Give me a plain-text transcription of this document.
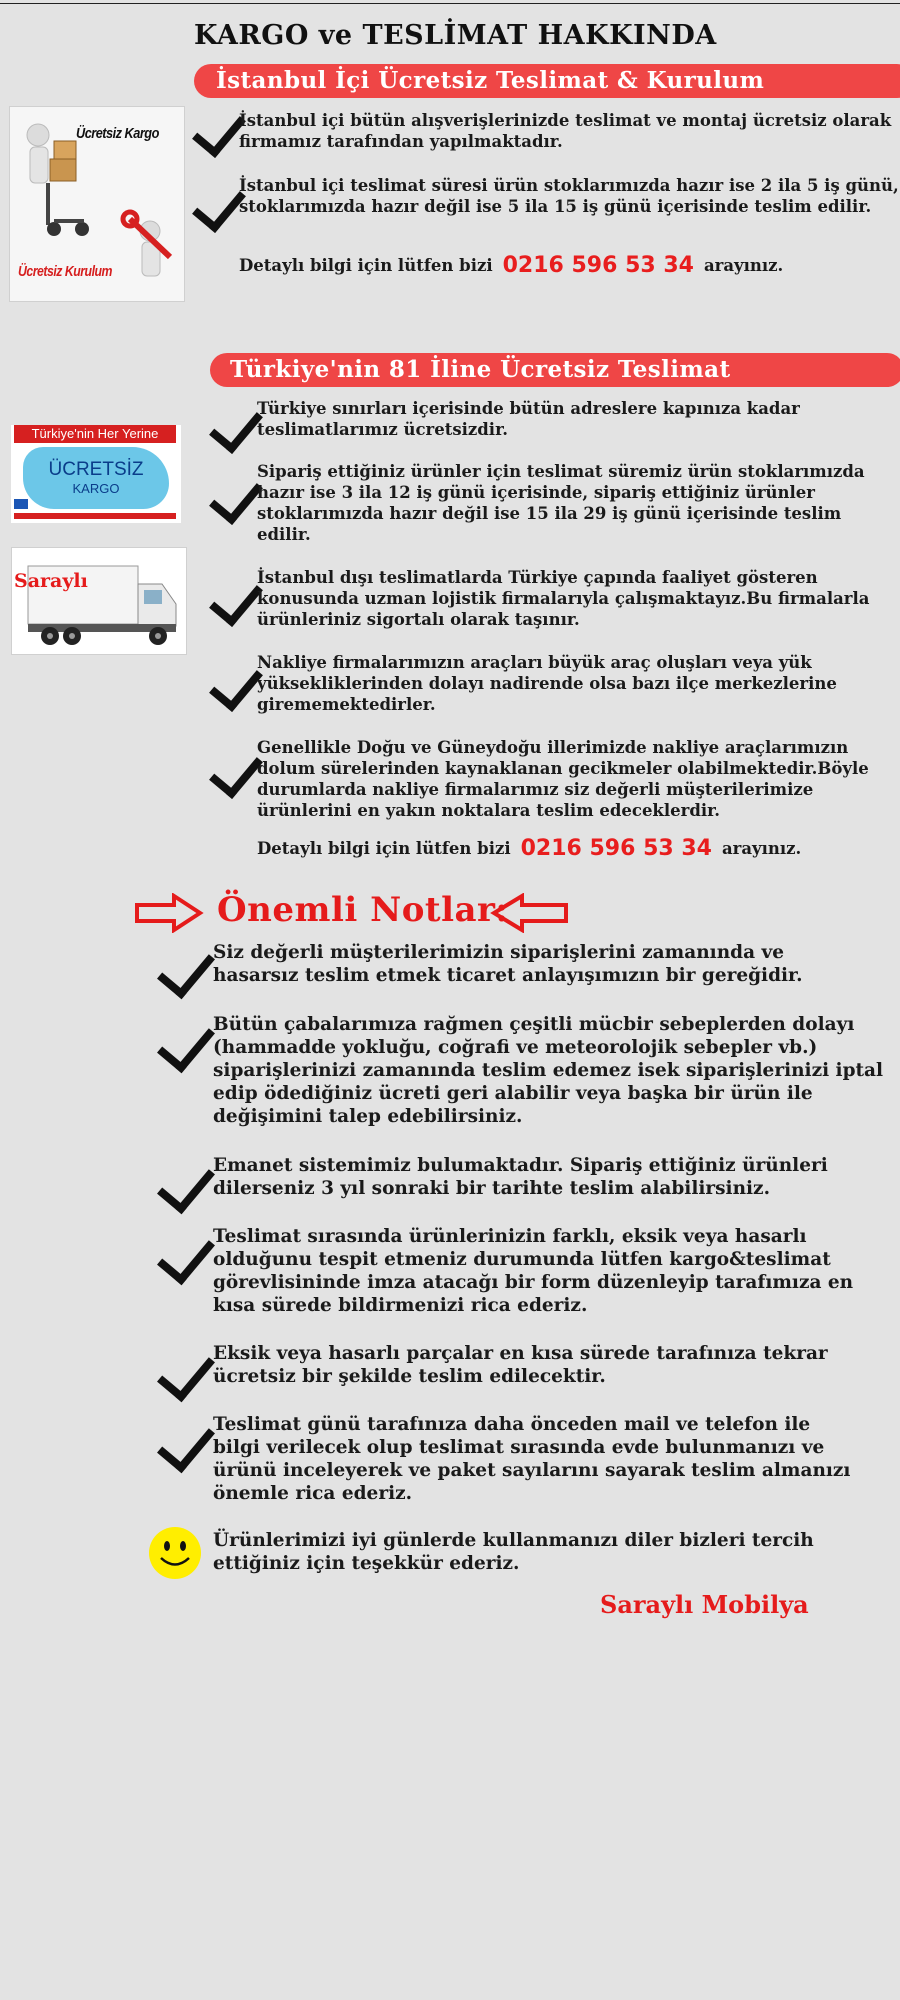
KARGO ve TESLİMAT HAKKINDA
İstanbul İçi Ücretsiz Teslimat & Kurulum
Ücretsiz Kargo
Ücretsiz Kurulum
İstanbul içi bütün alışverişlerinizde teslimat ve montaj ücretsiz olarak firmamız tarafından yapılmaktadır.
İstanbul içi teslimat süresi ürün stoklarımızda hazır ise 2 ila 5 iş günü, stoklarımızda hazır değil ise 5 ila 15 iş günü içerisinde teslim edilir.
Detaylı bilgi için lütfen bizi 0216 596 53 34 arayınız.
Türkiye'nin 81 İline Ücretsiz Teslimat
Türkiye'nin Her Yerine
ÜCRETSİZ
KARGO
Saraylı
Türkiye sınırları içerisinde bütün adreslere kapınıza kadar teslimatlarımız ücretsizdir.
Sipariş ettiğiniz ürünler için teslimat süremiz ürün stoklarımızda hazır ise 3 ila 12 iş günü içerisinde, sipariş ettiğiniz ürünler stoklarımızda hazır değil ise 15 ila 29 iş günü içerisinde teslim edilir.
İstanbul dışı teslimatlarda Türkiye çapında faaliyet gösteren konusunda uzman lojistik firmalarıyla çalışmaktayız.Bu firmalarla ürünleriniz sigortalı olarak taşınır.
Nakliye firmalarımızın araçları büyük araç oluşları veya yük yüksekliklerinden dolayı nadirende olsa bazı ilçe merkezlerine girememektedirler.
Genellikle Doğu ve Güneydoğu illerimizde nakliye araçlarımızın dolum sürelerinden kaynaklanan gecikmeler olabilmektedir.Böyle durumlarda nakliye firmalarımız siz değerli müşterilerimize ürünlerini en yakın noktalara teslim edeceklerdir.
Detaylı bilgi için lütfen bizi 0216 596 53 34 arayınız.
Önemli Notlar:
Siz değerli müşterilerimizin siparişlerini zamanında ve hasarsız teslim etmek ticaret anlayışımızın bir gereğidir.
Bütün çabalarımıza rağmen çeşitli mücbir sebeplerden dolayı (hammadde yokluğu, coğrafi ve meteorolojik sebepler vb.) siparişlerinizi zamanında teslim edemez isek siparişlerinizi iptal edip ödediğiniz ücreti geri alabilir veya başka bir ürün ile değişimini talep edebilirsiniz.
Emanet sistemimiz bulumaktadır. Sipariş ettiğiniz ürünleri dilerseniz 3 yıl sonraki bir tarihte teslim alabilirsiniz.
Teslimat sırasında ürünlerinizin farklı, eksik veya hasarlı olduğunu tespit etmeniz durumunda lütfen kargo&teslimat görevlisininde imza atacağı bir form düzenleyip tarafımıza en kısa sürede bildirmenizi rica ederiz.
Eksik veya hasarlı parçalar en kısa sürede tarafınıza tekrar ücretsiz bir şekilde teslim edilecektir.
Teslimat günü tarafınıza daha önceden mail ve telefon ile bilgi verilecek olup teslimat sırasında evde bulunmanızı ve ürünü inceleyerek ve paket sayılarını sayarak teslim almanızı önemle rica ederiz.
Ürünlerimizi iyi günlerde kullanmanızı diler bizleri tercih ettiğiniz için teşekkür ederiz.
Saraylı Mobilya
